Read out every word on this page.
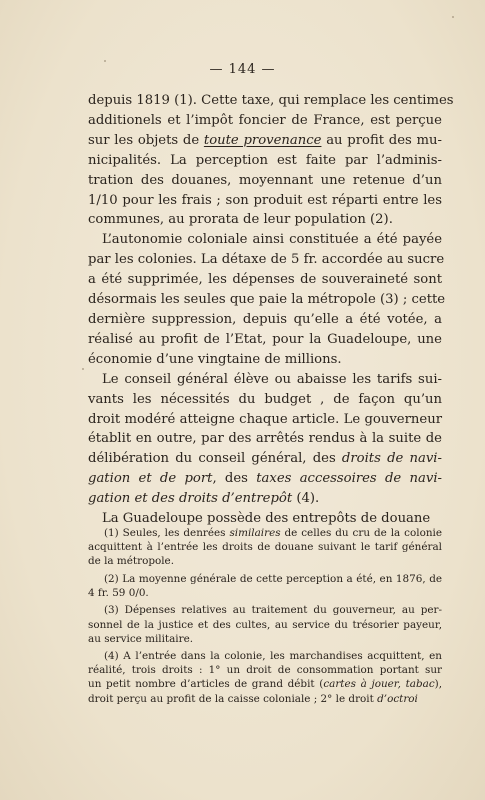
— 144 —
depuis 1819 (1). Cette taxe, qui remplace les centimes
additionels et l’impôt foncier de France, est perçue
sur les objets de toute provenance au profit des mu-
nicipalités. La perception est faite par l’adminis-
tration des douanes, moyennant une retenue d’un
1/10 pour les frais ; son produit est réparti entre les
communes, au prorata de leur population (2).
L’autonomie coloniale ainsi constituée a été payée
par les colonies. La détaxe de 5 fr. accordée au sucre
a été supprimée, les dépenses de souveraineté sont
désormais les seules que paie la métropole (3) ; cette
dernière suppression, depuis qu’elle a été votée, a
réalisé au profit de l’Etat, pour la Guadeloupe, une
économie d’une vingtaine de millions.
Le conseil général élève ou abaisse les tarifs sui-
vants les nécessités du budget , de façon qu’un
droit modéré atteigne chaque article. Le gouverneur
établit en outre, par des arrêtés rendus à la suite de
délibération du conseil général, des droits de navi-
gation et de port, des taxes accessoires de navi-
gation et des droits d’entrepôt (4).
La Guadeloupe possède des entrepôts de douane
(1) Seules, les denrées similaires de celles du cru de la colonie
acquittent à l’entrée les droits de douane suivant le tarif général
de la métropole.
(2) La moyenne générale de cette perception a été, en 1876, de
4 fr. 59 0/0.
(3) Dépenses relatives au traitement du gouverneur, au per-
sonnel de la justice et des cultes, au service du trésorier payeur,
au service militaire.
(4) A l’entrée dans la colonie, les marchandises acquittent, en
réalité, trois droits : 1° un droit de consommation portant sur
un petit nombre d’articles de grand débit (cartes à jouer, tabac),
droit perçu au profit de la caisse coloniale ; 2° le droit d’octroi
